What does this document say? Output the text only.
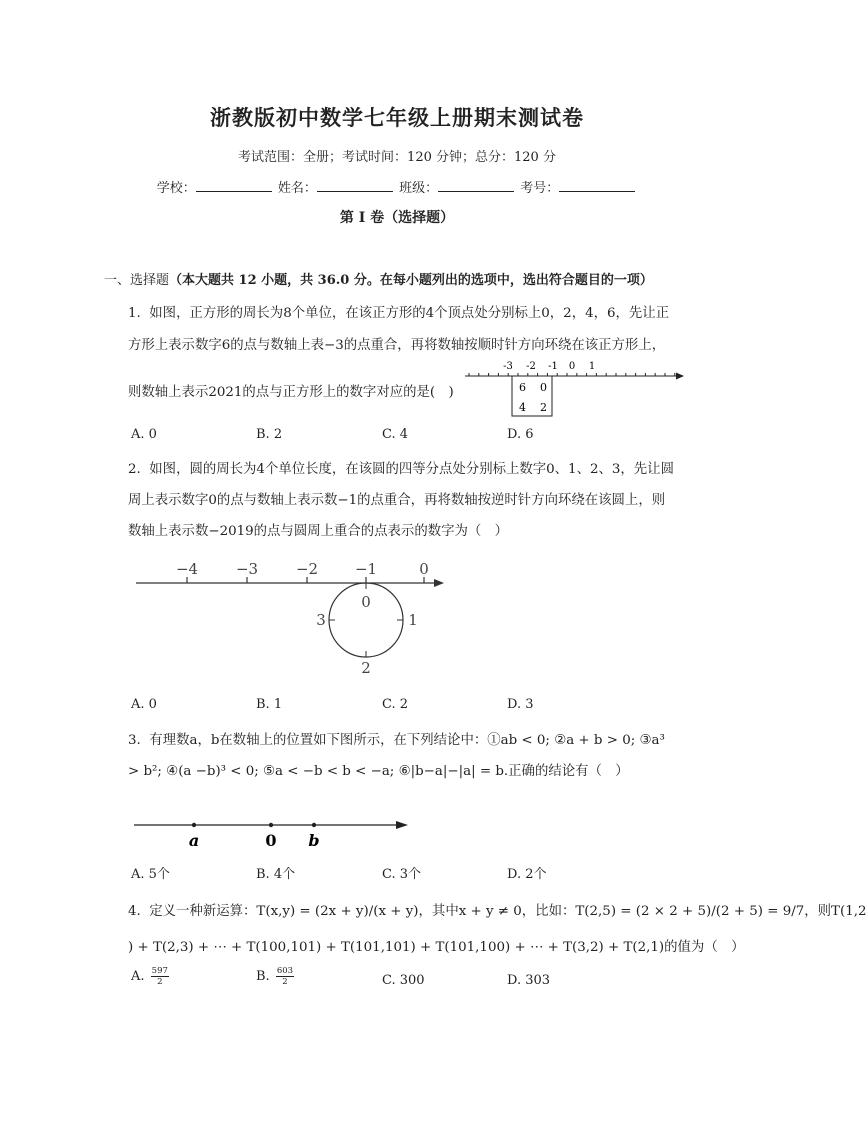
浙教版初中数学七年级上册期末测试卷
考试范围：全册；考试时间：120 分钟；总分：120 分
学校：	姓名：	班级：	考号：
第 I 卷（选择题）
一、选择题（本大题共 12 小题，共 36.0 分。在每小题列出的选项中，选出符合题目的一项）
1. 如图，正方形的周长为8个单位，在该正方形的4个顶点处分别标上0，2，4，6，先让正
方形上表示数字6的点与数轴上表−3的点重合，再将数轴按顺时针方向环绕在该正方形上，
则数轴上表示2021的点与正方形上的数字对应的是(　)
-3 -2 -1 0 1
6 0
4 2
A. 0	B. 2	C. 4	D. 6
2. 如图，圆的周长为4个单位长度，在该圆的四等分点处分别标上数字0、1、2、3，先让圆
周上表示数字0的点与数轴上表示数−1的点重合，再将数轴按逆时针方向环绕在该圆上，则
数轴上表示数−2019的点与圆周上重合的点表示的数字为（　）
−4	−3	−2 −1	0
0
1
2
3
A. 0	B. 1	C. 2	D. 3
3. 有理数a，b在数轴上的位置如下图所示，在下列结论中：①ab < 0; ②a + b > 0; ③a³
> b²; ④(a −b)³ < 0; ⑤a < −b < b < −a; ⑥|b−a|−|a| = b.正确的结论有（　）
a	0 b
A. 5个	B. 4个	C. 3个	D. 2个
4. 定义一种新运算：T(x,y) = (2x + y)/(x + y)，其中x + y ≠ 0，比如：T(2,5) = (2 × 2 + 5)/(2 + 5) = 9/7，则T(1,2
) + T(2,3) + ⋯ + T(100,101) + T(101,101) + T(101,100) + ⋯ + T(3,2) + T(2,1)的值为（　）
A. $\frac{597}{2}$	B. $\frac{603}{2}$	C. 300	D. 303
